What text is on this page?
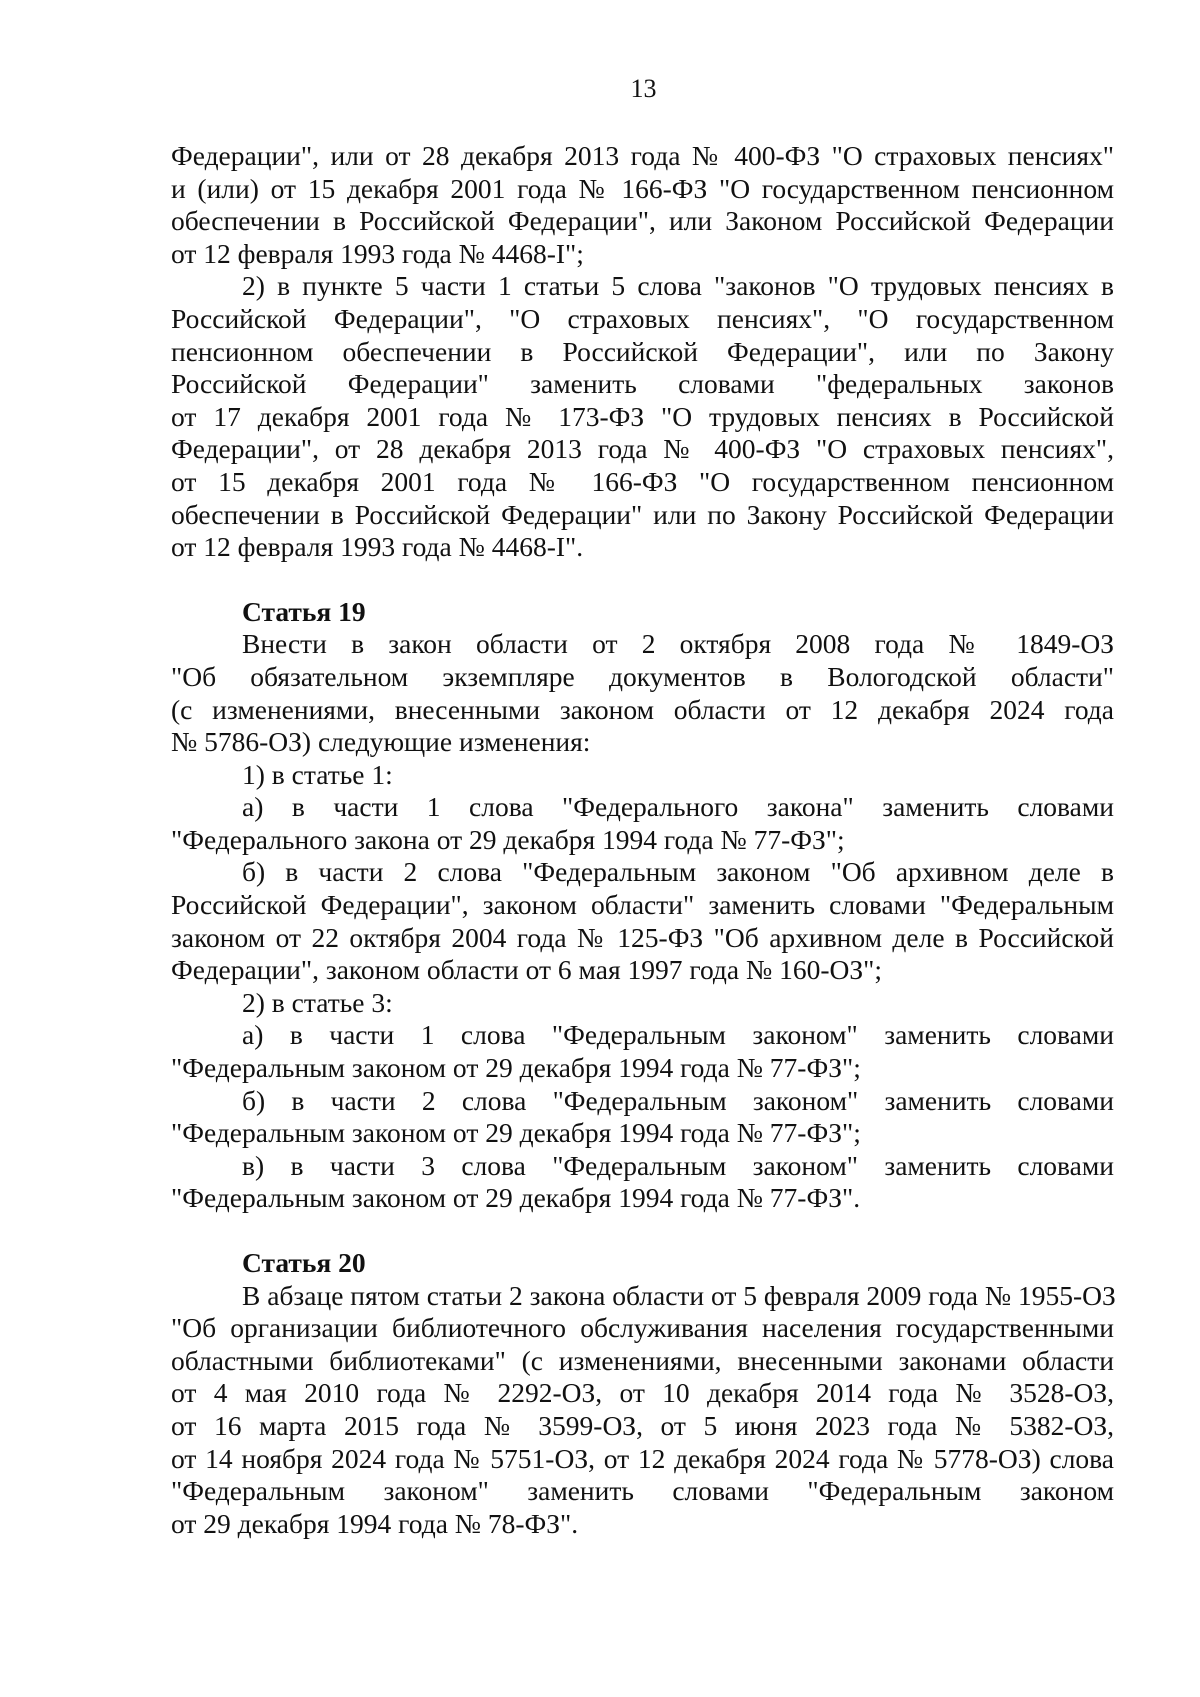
13
Федерации", или от 28 декабря 2013 года № 400-ФЗ "О страховых пенсиях"
и (или) от 15 декабря 2001 года № 166-ФЗ "О государственном пенсионном
обеспечении в Российской Федерации", или Законом Российской Федерации
от 12 февраля 1993 года № 4468-I";
2) в пункте 5 части 1 статьи 5 слова "законов "О трудовых пенсиях в
Российской Федерации", "О страховых пенсиях", "О государственном
пенсионном обеспечении в Российской Федерации", или по Закону
Российской Федерации" заменить словами "федеральных законов
от 17 декабря 2001 года № 173-ФЗ "О трудовых пенсиях в Российской
Федерации", от 28 декабря 2013 года № 400-ФЗ "О страховых пенсиях",
от 15 декабря 2001 года № 166-ФЗ "О государственном пенсионном
обеспечении в Российской Федерации" или по Закону Российской Федерации
от 12 февраля 1993 года № 4468-I".
Статья 19
Внести в закон области от 2 октября 2008 года № 1849-ОЗ
"Об обязательном экземпляре документов в Вологодской области"
(с изменениями, внесенными законом области от 12 декабря 2024 года
№ 5786-ОЗ) следующие изменения:
1) в статье 1:
а) в части 1 слова "Федерального закона" заменить словами
"Федерального закона от 29 декабря 1994 года № 77-ФЗ";
б) в части 2 слова "Федеральным законом "Об архивном деле в
Российской Федерации", законом области" заменить словами "Федеральным
законом от 22 октября 2004 года № 125-ФЗ "Об архивном деле в Российской
Федерации", законом области от 6 мая 1997 года № 160-ОЗ";
2) в статье 3:
а) в части 1 слова "Федеральным законом" заменить словами
"Федеральным законом от 29 декабря 1994 года № 77-ФЗ";
б) в части 2 слова "Федеральным законом" заменить словами
"Федеральным законом от 29 декабря 1994 года № 77-ФЗ";
в) в части 3 слова "Федеральным законом" заменить словами
"Федеральным законом от 29 декабря 1994 года № 77-ФЗ".
Статья 20
В абзаце пятом статьи 2 закона области от 5 февраля 2009 года № 1955-ОЗ
"Об организации библиотечного обслуживания населения государственными
областными библиотеками" (с изменениями, внесенными законами области
от 4 мая 2010 года № 2292-ОЗ, от 10 декабря 2014 года № 3528-ОЗ,
от 16 марта 2015 года № 3599-ОЗ, от 5 июня 2023 года № 5382-ОЗ,
от 14 ноября 2024 года № 5751-ОЗ, от 12 декабря 2024 года № 5778-ОЗ) слова
"Федеральным законом" заменить словами "Федеральным законом
от 29 декабря 1994 года № 78-ФЗ".
